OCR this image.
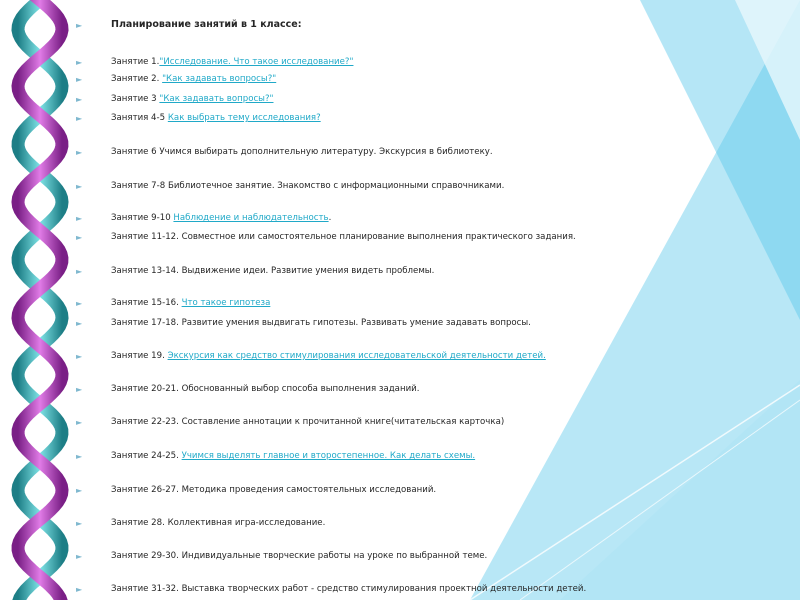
►	Планирование занятий в 1 классе:
►	Занятие 1."Исследование. Что такое исследование?"
►	Занятие 2. "Как задавать вопросы?"
►	Занятие 3 "Как задавать вопросы?"
►	Занятия 4-5 Как выбрать тему исследования?
►	Занятие 6 Учимся выбирать дополнительную литературу. Экскурсия в библиотеку.
►	Занятие 7-8 Библиотечное занятие. Знакомство с информационными справочниками.
►	Занятие 9-10 Наблюдение и наблюдательность.
►	Занятие 11-12. Совместное или самостоятельное планирование выполнения практического задания.
►	Занятие 13-14. Выдвижение идеи. Развитие умения видеть проблемы.
►	Занятие 15-16. Что такое гипотеза
►	Занятие 17-18. Развитие умения выдвигать гипотезы. Развивать умение задавать вопросы.
►	Занятие 19. Экскурсия как средство стимулирования исследовательской деятельности детей.
►	Занятие 20-21. Обоснованный выбор способа выполнения заданий.
►	Занятие 22-23. Составление аннотации к прочитанной книге(читательская карточка)
►	Занятие 24-25. Учимся выделять главное и второстепенное. Как делать схемы.
►	Занятие 26-27. Методика проведения самостоятельных исследований.
►	Занятие 28. Коллективная игра-исследование.
►	Занятие 29-30. Индивидуальные творческие работы на уроке по выбранной теме.
►	Занятие 31-32. Выставка творческих работ - средство стимулирования проектной деятельности детей.
